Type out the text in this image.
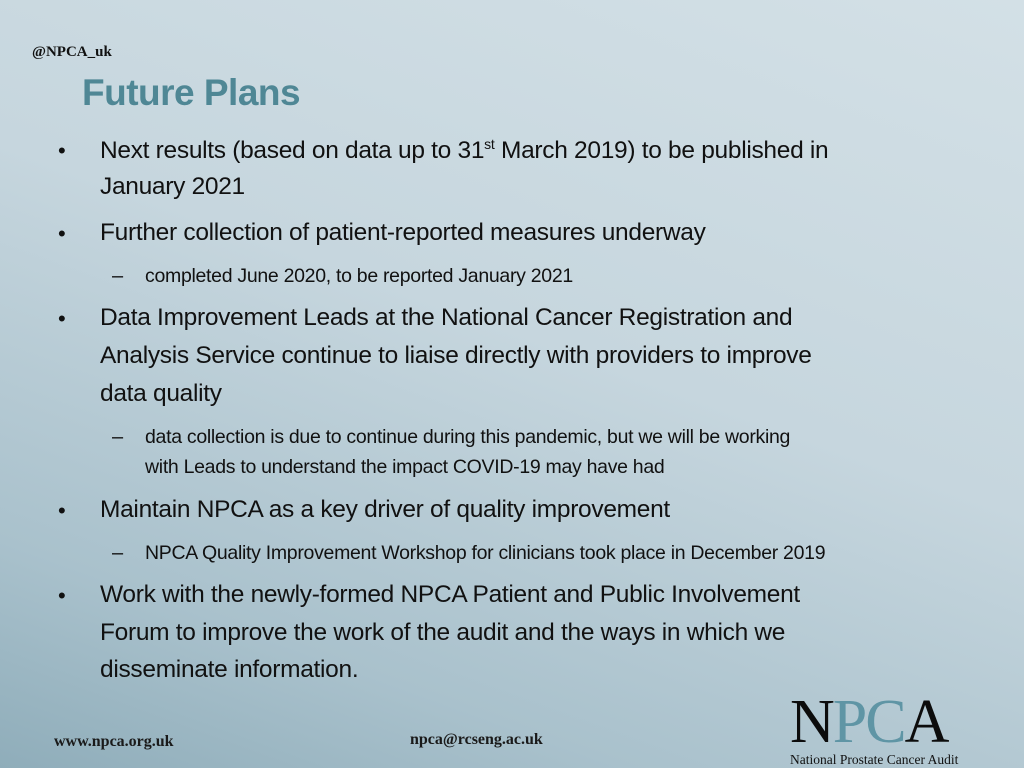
@NPCA_uk
Future Plans
• Next results (based on data up to 31st March 2019) to be published in
January 2021
• Further collection of patient-reported measures underway
– completed June 2020, to be reported January 2021
• Data Improvement Leads at the National Cancer Registration and
Analysis Service continue to liaise directly with providers to improve
data quality
– data collection is due to continue during this pandemic, but we will be working
with Leads to understand the impact COVID-19 may have had
• Maintain NPCA as a key driver of quality improvement
– NPCA Quality Improvement Workshop for clinicians took place in December 2019
• Work with the newly-formed NPCA Patient and Public Involvement
Forum to improve the work of the audit and the ways in which we
disseminate information.
www.npca.org.uk	npca@rcseng.ac.uk	NPCA
National Prostate Cancer Audit
